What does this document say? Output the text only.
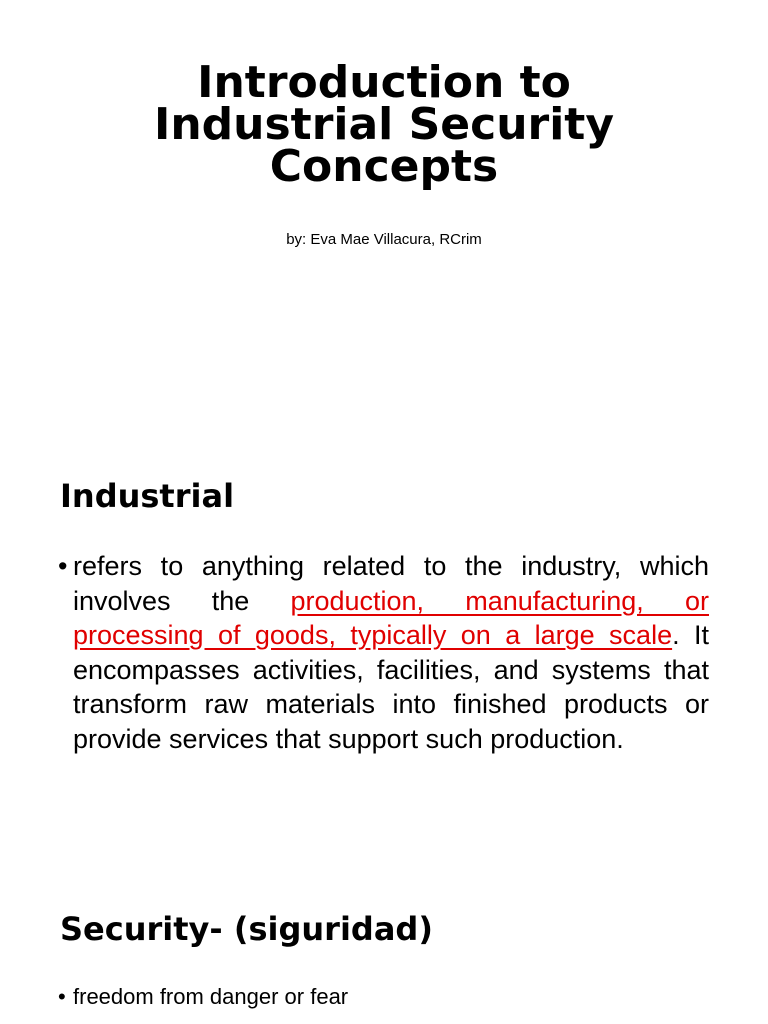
Introduction to
Industrial Security
Concepts

by: Eva Mae Villacura, RCrim

Industrial
• refers to anything related to the industry, which involves the production, manufacturing, or processing of goods, typically on a large scale. It encompasses activities, facilities, and systems that transform raw materials into finished products or provide services that support such production.
Security- (siguridad)
• freedom from danger or fear
